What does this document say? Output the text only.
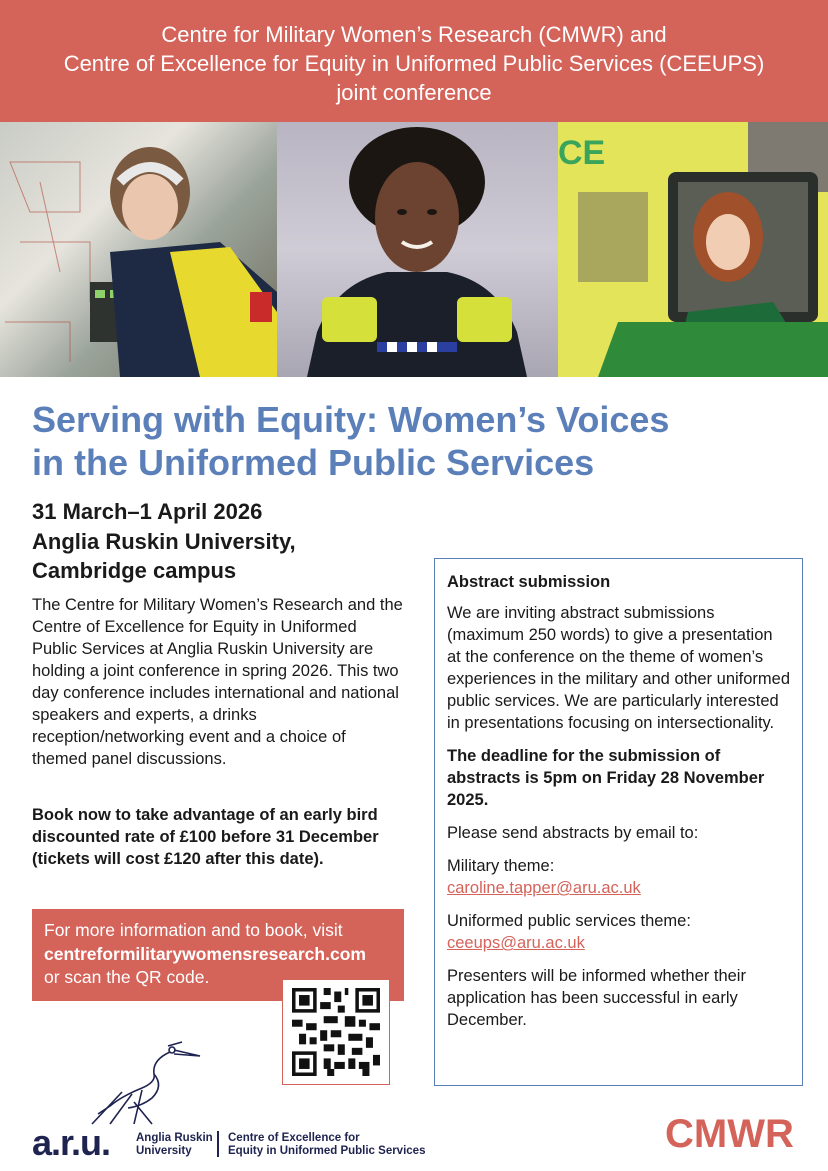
Centre for Military Women’s Research (CMWR) and
Centre of Excellence for Equity in Uniformed Public Services (CEEUPS)
joint conference
CE
Serving with Equity: Women’s Voices
in the Uniformed Public Services
31 March–1 April 2026
Anglia Ruskin University,
Cambridge campus
The Centre for Military Women’s Research and the Centre of Excellence for Equity in Uniformed Public Services at Anglia Ruskin University are holding a joint conference in spring 2026. This two day conference includes international and national speakers and experts, a drinks reception/networking event and a choice of themed panel discussions.
Book now to take advantage of an early bird discounted rate of £100 before 31 December (tickets will cost £120 after this date).
For more information and to book, visit
centreformilitarywomensresearch.com
or scan the QR code.

Abstract submission

We are inviting abstract submissions (maximum 250 words) to give a presentation at the conference on the theme of women’s experiences in the military and other uniformed public services. We are particularly interested in presentations focusing on intersectionality.

The deadline for the submission of abstracts is 5pm on Friday 28 November 2025.

Please send abstracts by email to:

Military theme:
caroline.tapper@aru.ac.uk

Uniformed public services theme:
ceeups@aru.ac.uk

Presenters will be informed whether their application has been successful in early December.

a.r.u. Anglia Ruskin
University
Centre of Excellence for
Equity in Uniformed Public Services	CMWR
